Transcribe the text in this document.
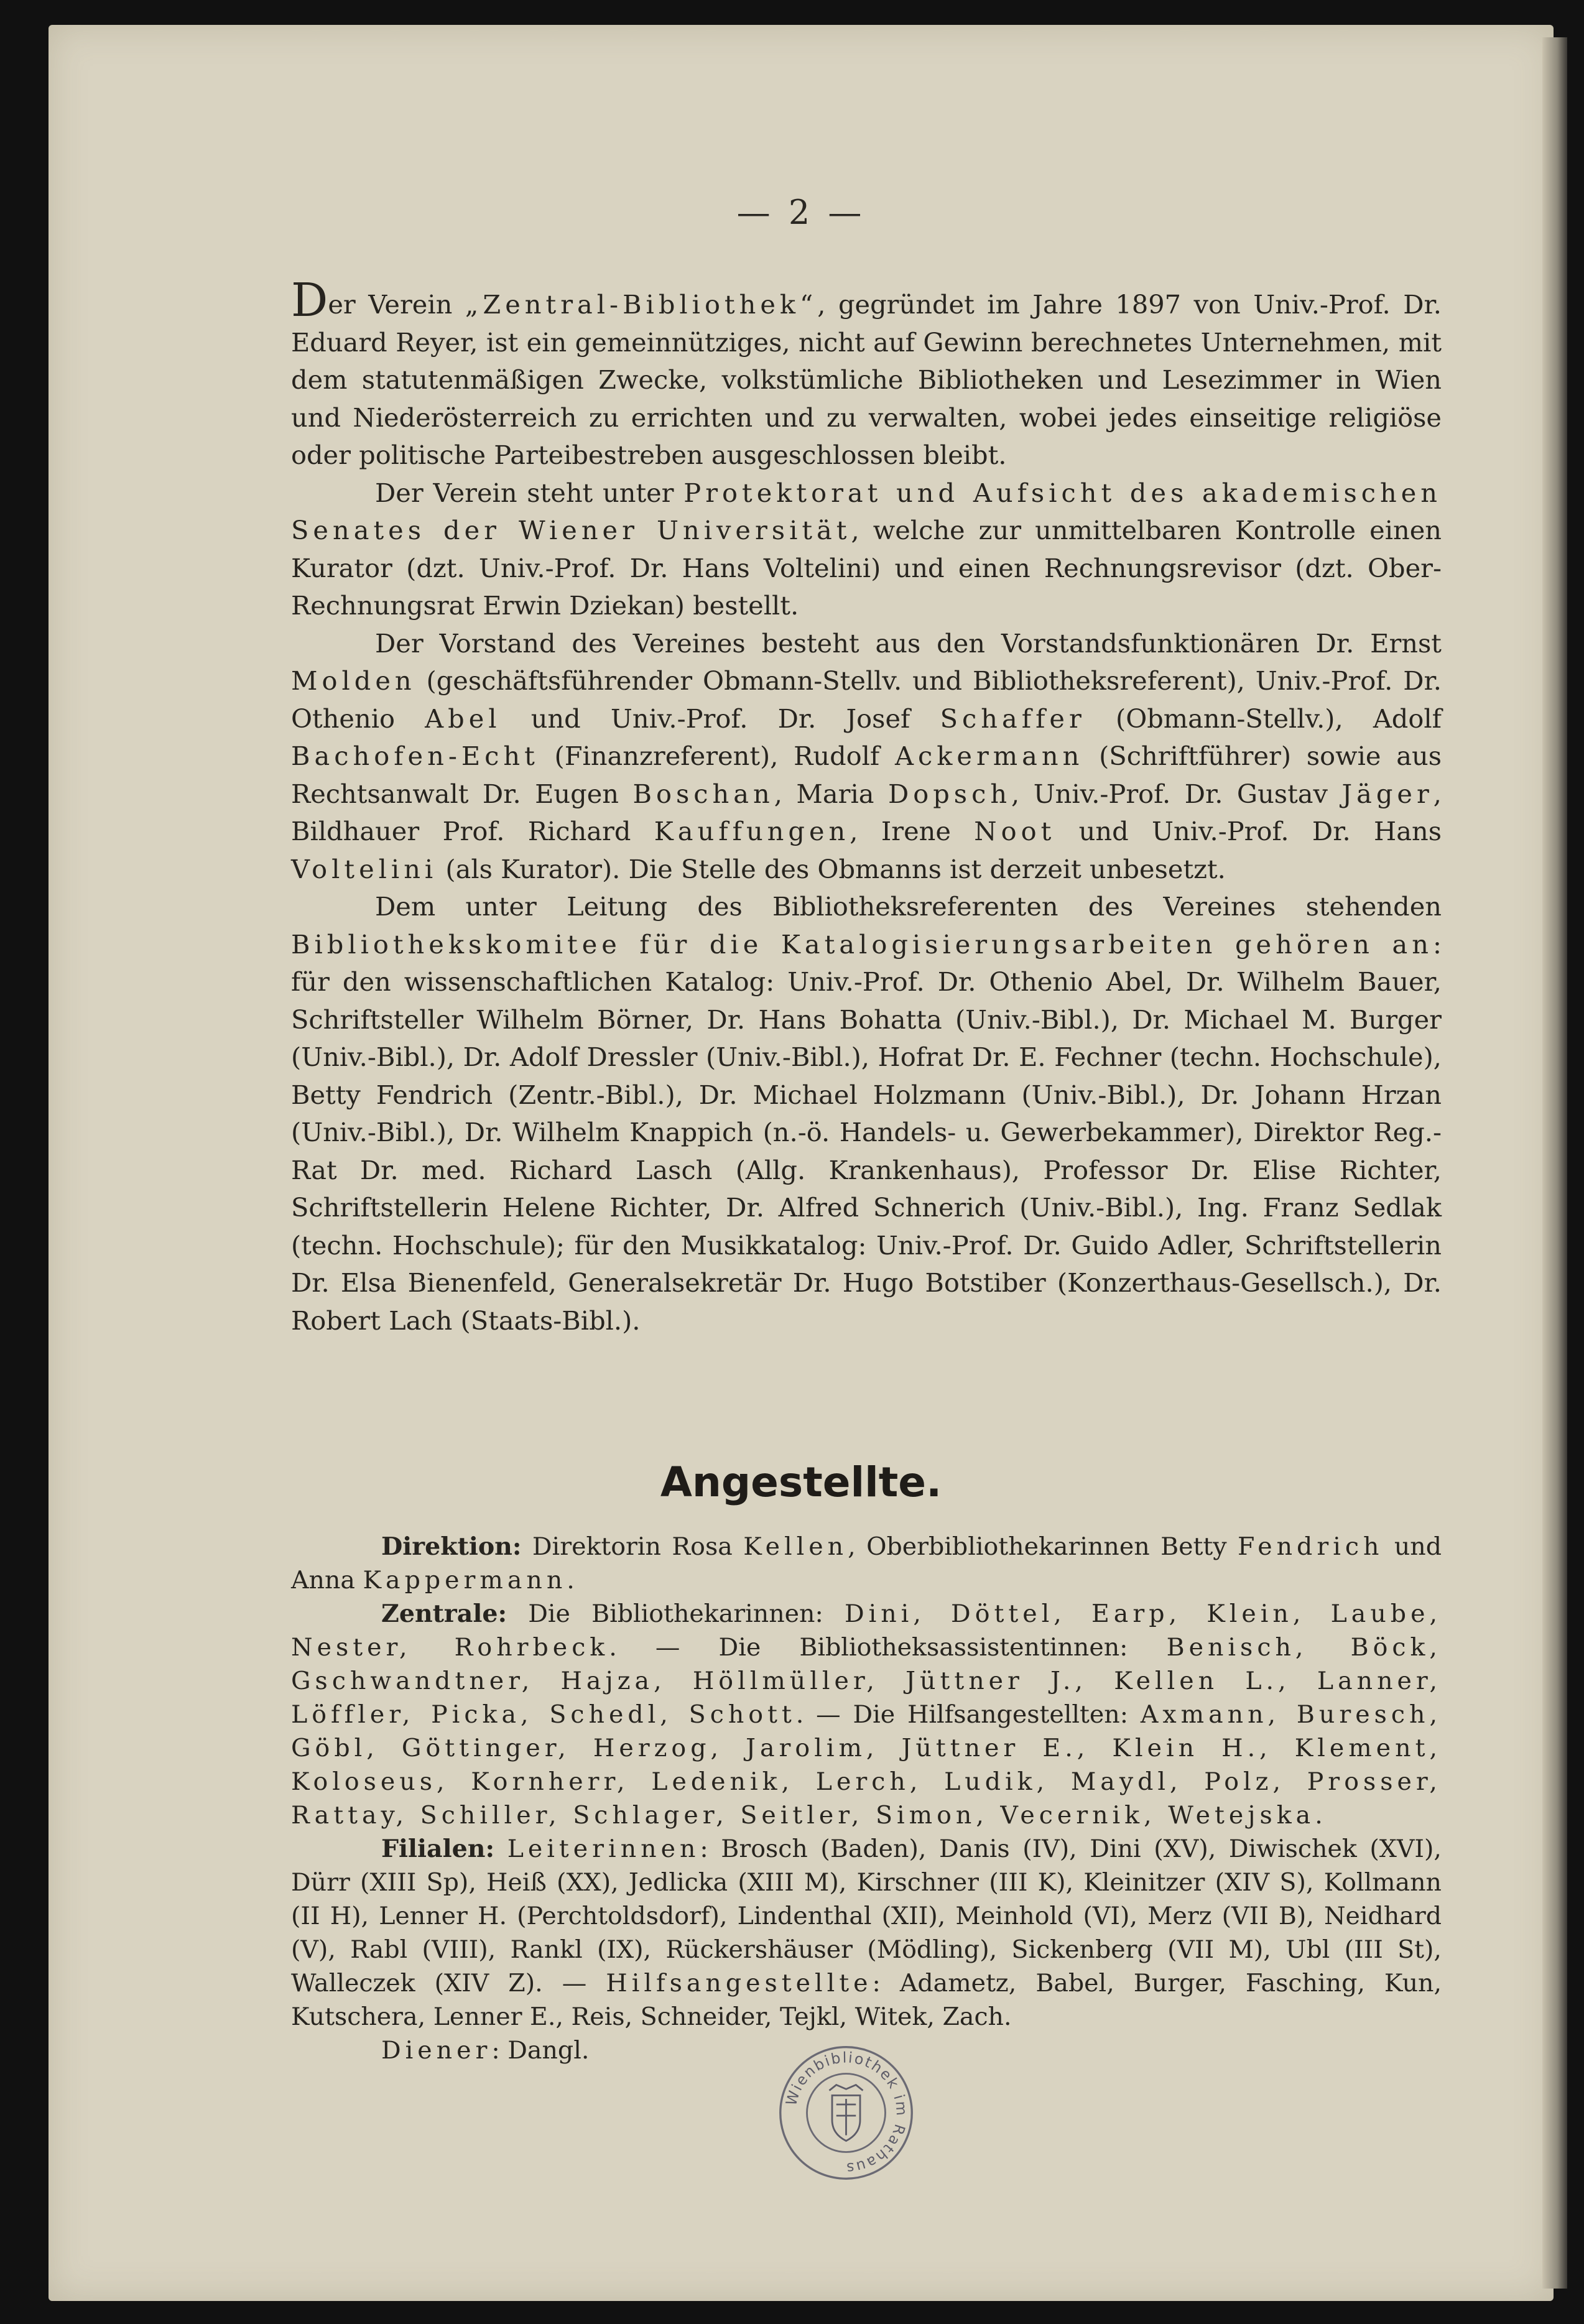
— 2 —

Der Verein „Zentral-Bibliothek“, gegründet im Jahre 1897 von Univ.-Prof. Dr. Eduard Reyer, ist ein gemeinnütziges, nicht auf Gewinn berechnetes Unternehmen, mit dem statutenmäßigen Zwecke, volkstümliche Bibliotheken und Lesezimmer in Wien und Niederösterreich zu errichten und zu verwalten, wobei jedes einseitige religiöse oder politische Parteibestreben ausgeschlossen bleibt.

Der Verein steht unter Protektorat und Aufsicht des akademischen Senates der Wiener Universität, welche zur unmittelbaren Kontrolle einen Kurator (dzt. Univ.-Prof. Dr. Hans Voltelini) und einen Rechnungsrevisor (dzt. Ober-Rechnungsrat Erwin Dziekan) bestellt.

Der Vorstand des Vereines besteht aus den Vorstandsfunktionären Dr. Ernst Molden (geschäftsführender Obmann-Stellv. und Bibliotheksreferent), Univ.-Prof. Dr. Othenio Abel und Univ.-Prof. Dr. Josef Schaffer (Obmann-Stellv.), Adolf Bachofen-Echt (Finanzreferent), Rudolf Ackermann (Schriftführer) sowie aus Rechtsanwalt Dr. Eugen Boschan, Maria Dopsch, Univ.-Prof. Dr. Gustav Jäger, Bildhauer Prof. Richard Kauffungen, Irene Noot und Univ.-Prof. Dr. Hans Voltelini (als Kurator). Die Stelle des Obmanns ist derzeit unbesetzt.

Dem unter Leitung des Bibliotheksreferenten des Vereines stehenden Bibliothekskomitee für die Katalogisierungsarbeiten gehören an: für den wissenschaftlichen Katalog: Univ.-Prof. Dr. Othenio Abel, Dr. Wilhelm Bauer, Schriftsteller Wilhelm Börner, Dr. Hans Bohatta (Univ.-Bibl.), Dr. Michael M. Burger (Univ.-Bibl.), Dr. Adolf Dressler (Univ.-Bibl.), Hofrat Dr. E. Fechner (techn. Hochschule), Betty Fendrich (Zentr.-Bibl.), Dr. Michael Holzmann (Univ.-Bibl.), Dr. Johann Hrzan (Univ.-Bibl.), Dr. Wilhelm Knappich (n.-ö. Handels- u. Gewerbekammer), Direktor Reg.-Rat Dr. med. Richard Lasch (Allg. Krankenhaus), Professor Dr. Elise Richter, Schriftstellerin Helene Richter, Dr. Alfred Schnerich (Univ.-Bibl.), Ing. Franz Sedlak (techn. Hochschule); für den Musikkatalog: Univ.-Prof. Dr. Guido Adler, Schriftstellerin Dr. Elsa Bienenfeld, Generalsekretär Dr. Hugo Botstiber (Konzerthaus-Gesellsch.), Dr. Robert Lach (Staats-Bibl.).

Angestellte.

Direktion: Direktorin Rosa Kellen, Oberbibliothekarinnen Betty Fendrich und Anna Kappermann.

Zentrale: Die Bibliothekarinnen: Dini, Döttel, Earp, Klein, Laube, Nester, Rohrbeck. — Die Bibliotheksassistentinnen: Benisch, Böck, Gschwandtner, Hajza, Höllmüller, Jüttner J., Kellen L., Lanner, Löffler, Picka, Schedl, Schott. — Die Hilfsangestellten: Axmann, Buresch, Göbl, Göttinger, Herzog, Jarolim, Jüttner E., Klein H., Klement, Koloseus, Kornherr, Ledenik, Lerch, Ludik, Maydl, Polz, Prosser, Rattay, Schiller, Schlager, Seitler, Simon, Vecernik, Wetejska.

Filialen: Leiterinnen: Brosch (Baden), Danis (IV), Dini (XV), Diwischek (XVI), Dürr (XIII Sp), Heiß (XX), Jedlicka (XIII M), Kirschner (III K), Kleinitzer (XIV S), Kollmann (II H), Lenner H. (Perchtoldsdorf), Lindenthal (XII), Meinhold (VI), Merz (VII B), Neidhard (V), Rabl (VIII), Rankl (IX), Rückershäuser (Mödling), Sickenberg (VII M), Ubl (III St), Walleczek (XIV Z). — Hilfsangestellte: Adametz, Babel, Burger, Fasching, Kun, Kutschera, Lenner E., Reis, Schneider, Tejkl, Witek, Zach.

Diener: Dangl.

Wienbibliothek im Rathaus
